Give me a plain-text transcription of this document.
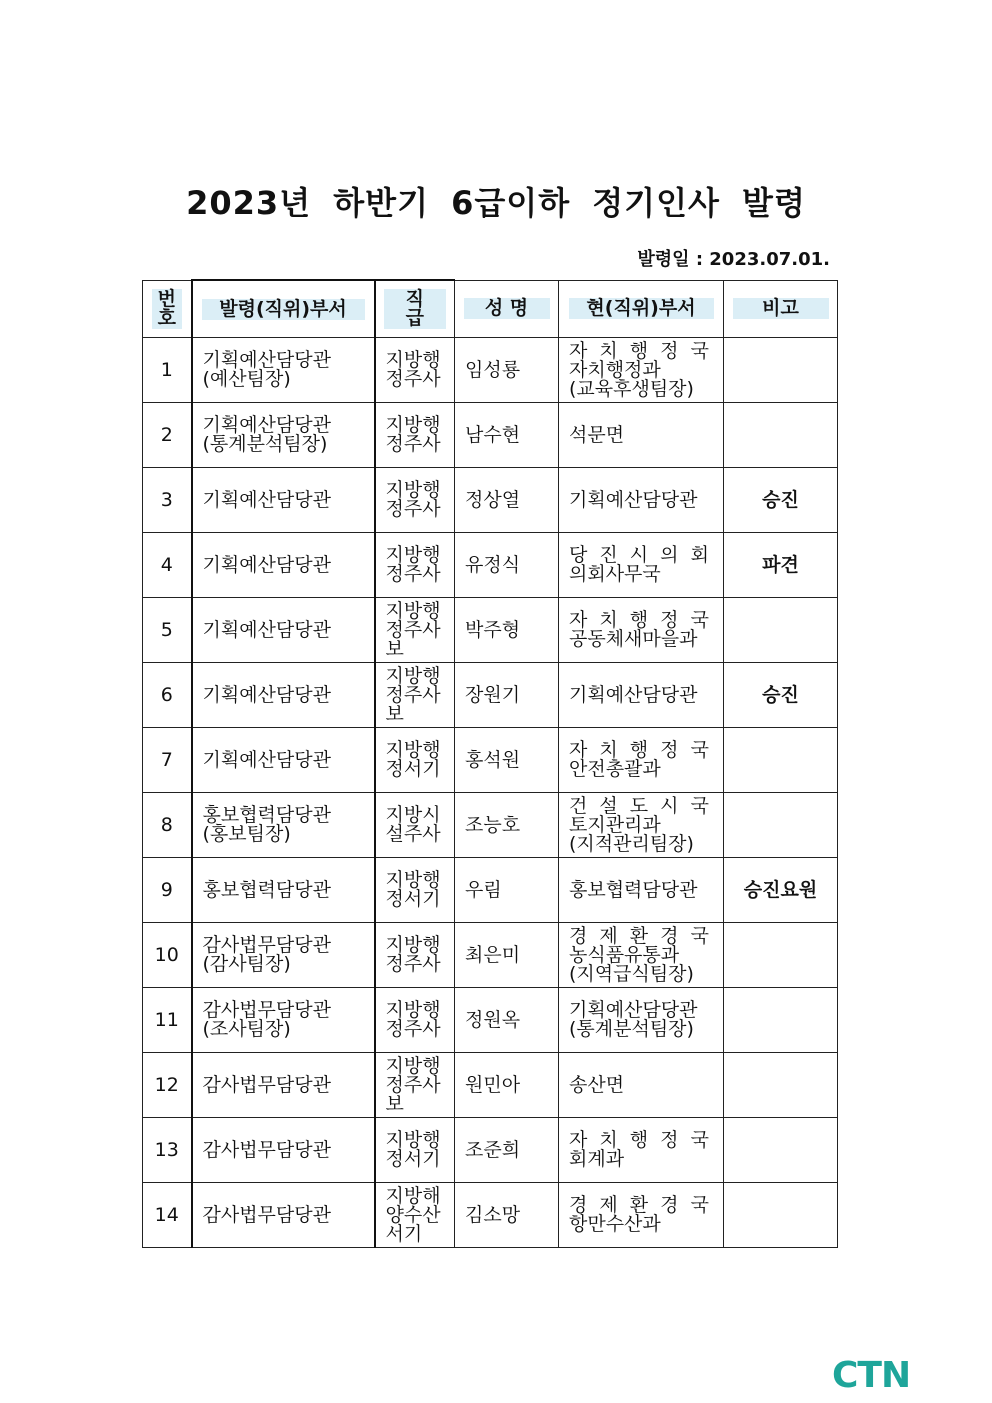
2023년 하반기 6급이하 정기인사 발령
발령일 : 2023.07.01.
번
호	발령(직위)부서	직
급	성 명	현(직위)부서	비고

1	기획예산담당관
(예산팀장)	지방행
정주사	임성룡	자 치 행 정 국
자치행정과
(교육후생팀장)	

2	기획예산담당관
(통계분석팀장)	지방행
정주사	남수현	석문면	

3	기획예산담당관	지방행
정주사	정상열	기획예산담당관	승진
4	기획예산담당관	지방행
정주사	유정식	당 진 시 의 회
의회사무국	파견
5	기획예산담당관	지방행
정주사
보	박주형	자 치 행 정 국
공동체새마을과	

6	기획예산담당관	지방행
정주사
보	장원기	기획예산담당관	승진
7	기획예산담당관	지방행
정서기	홍석원	자 치 행 정 국
안전총괄과	

8	홍보협력담당관
(홍보팀장)	지방시
설주사	조능호	건 설 도 시 국
토지관리과
(지적관리팀장)	

9	홍보협력담당관	지방행
정서기	우림	홍보협력담당관	승진요원
10	감사법무담당관
(감사팀장)	지방행
정주사	최은미	경 제 환 경 국
농식품유통과
(지역급식팀장)	

11	감사법무담당관
(조사팀장)	지방행
정주사	정원옥	기획예산담당관
(통계분석팀장)	

12	감사법무담당관	지방행
정주사
보	원민아	송산면	

13	감사법무담당관	지방행
정서기	조준희	자 치 행 정 국
회계과	

14	감사법무담당관	지방해
양수산
서기	김소망	경 제 환 경 국
항만수산과	

CTN
